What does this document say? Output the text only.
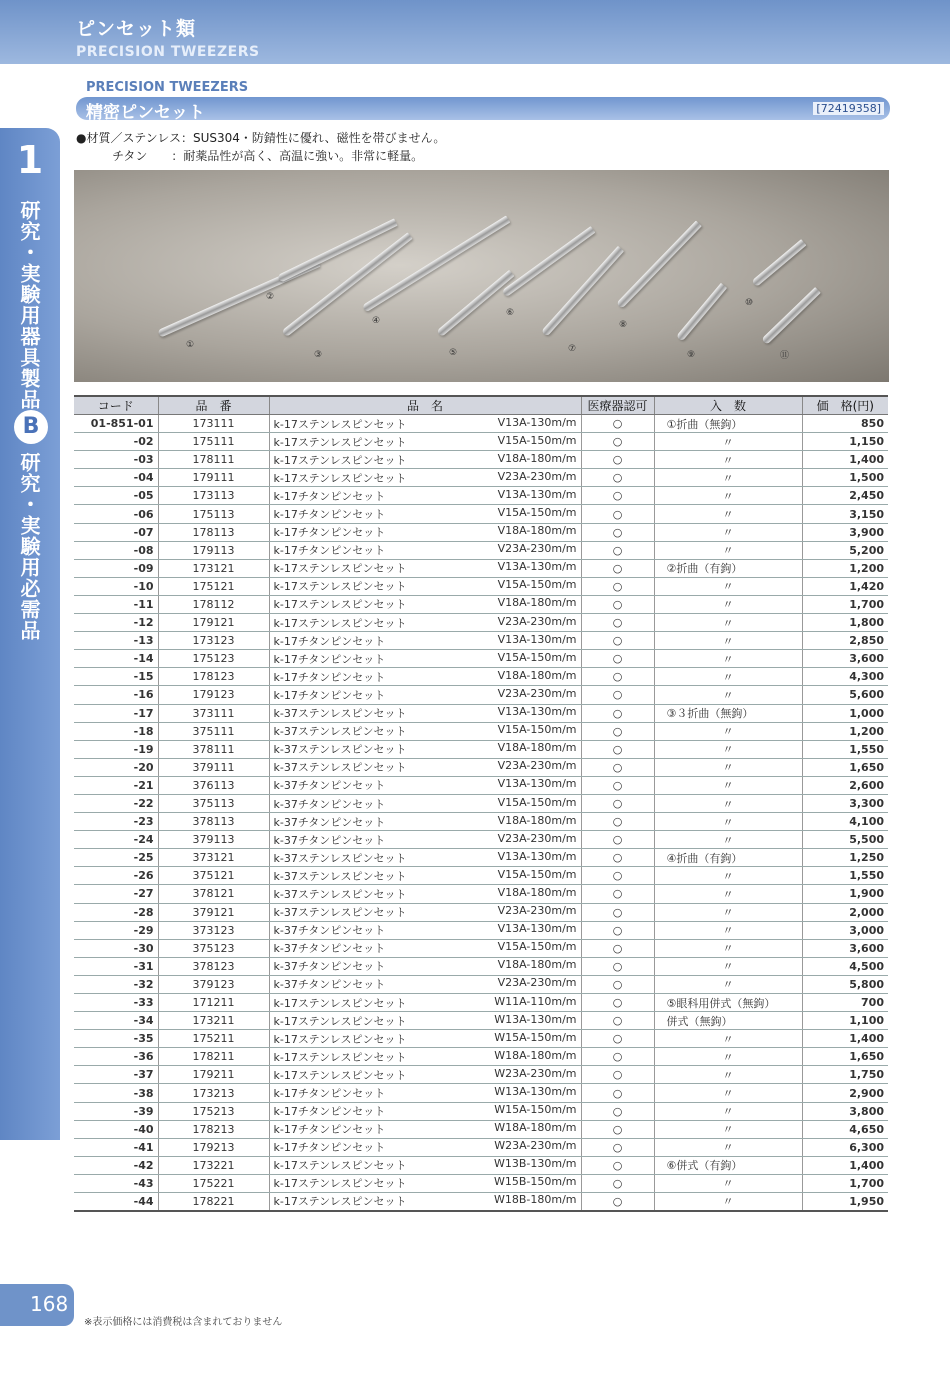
ピンセット類
PRECISION TWEEZERS
1
研究・実験用器具製品
B
研究・実験用必需品
PRECISION TWEEZERS
精密ピンセット	[72419358]
●材質／ステンレス：SUS304・防錆性に優れ、磁性を帯びません。
　　　チタン　　：耐薬品性が高く、高温に強い。非常に軽量。
①
②
③
④
⑤
⑥
⑦
⑧
⑨
⑩
⑪
コード	品　番	品　名	医療器認可	入　数	価　格(円)
01-851-01	173111	k-17ステンレスピンセット V13A-130m/m	○	①折曲（無鉤）	850
-02	175111	k-17ステンレスピンセット V15A-150m/m	○	〃	1,150
-03	178111	k-17ステンレスピンセット V18A-180m/m	○	〃	1,400
-04	179111	k-17ステンレスピンセット V23A-230m/m	○	〃	1,500
-05	173113	k-17チタンピンセット V13A-130m/m	○	〃	2,450
-06	175113	k-17チタンピンセット V15A-150m/m	○	〃	3,150
-07	178113	k-17チタンピンセット V18A-180m/m	○	〃	3,900
-08	179113	k-17チタンピンセット V23A-230m/m	○	〃	5,200
-09	173121	k-17ステンレスピンセット V13A-130m/m	○	②折曲（有鉤）	1,200
-10	175121	k-17ステンレスピンセット V15A-150m/m	○	〃	1,420
-11	178112	k-17ステンレスピンセット V18A-180m/m	○	〃	1,700
-12	179121	k-17ステンレスピンセット V23A-230m/m	○	〃	1,800
-13	173123	k-17チタンピンセット V13A-130m/m	○	〃	2,850
-14	175123	k-17チタンピンセット V15A-150m/m	○	〃	3,600
-15	178123	k-17チタンピンセット V18A-180m/m	○	〃	4,300
-16	179123	k-17チタンピンセット V23A-230m/m	○	〃	5,600
-17	373111	k-37ステンレスピンセット V13A-130m/m	○	③３折曲（無鉤）	1,000
-18	375111	k-37ステンレスピンセット V15A-150m/m	○	〃	1,200
-19	378111	k-37ステンレスピンセット V18A-180m/m	○	〃	1,550
-20	379111	k-37ステンレスピンセット V23A-230m/m	○	〃	1,650
-21	376113	k-37チタンピンセット V13A-130m/m	○	〃	2,600
-22	375113	k-37チタンピンセット V15A-150m/m	○	〃	3,300
-23	378113	k-37チタンピンセット V18A-180m/m	○	〃	4,100
-24	379113	k-37チタンピンセット V23A-230m/m	○	〃	5,500
-25	373121	k-37ステンレスピンセット V13A-130m/m	○	④折曲（有鉤）	1,250
-26	375121	k-37ステンレスピンセット V15A-150m/m	○	〃	1,550
-27	378121	k-37ステンレスピンセット V18A-180m/m	○	〃	1,900
-28	379121	k-37ステンレスピンセット V23A-230m/m	○	〃	2,000
-29	373123	k-37チタンピンセット V13A-130m/m	○	〃	3,000
-30	375123	k-37チタンピンセット V15A-150m/m	○	〃	3,600
-31	378123	k-37チタンピンセット V18A-180m/m	○	〃	4,500
-32	379123	k-37チタンピンセット V23A-230m/m	○	〃	5,800
-33	171211	k-17ステンレスピンセット W11A-110m/m	○	⑤眼科用併式（無鉤）	700
-34	173211	k-17ステンレスピンセット W13A-130m/m	○	併式（無鉤）	1,100
-35	175211	k-17ステンレスピンセット W15A-150m/m	○	〃	1,400
-36	178211	k-17ステンレスピンセット W18A-180m/m	○	〃	1,650
-37	179211	k-17ステンレスピンセット W23A-230m/m	○	〃	1,750
-38	173213	k-17チタンピンセット W13A-130m/m	○	〃	2,900
-39	175213	k-17チタンピンセット W15A-150m/m	○	〃	3,800
-40	178213	k-17チタンピンセット W18A-180m/m	○	〃	4,650
-41	179213	k-17チタンピンセット W23A-230m/m	○	〃	6,300
-42	173221	k-17ステンレスピンセット W13B-130m/m	○	⑥併式（有鉤）	1,400
-43	175221	k-17ステンレスピンセット W15B-150m/m	○	〃	1,700
-44	178221	k-17ステンレスピンセット W18B-180m/m	○	〃	1,950
168
※表示価格には消費税は含まれておりません
